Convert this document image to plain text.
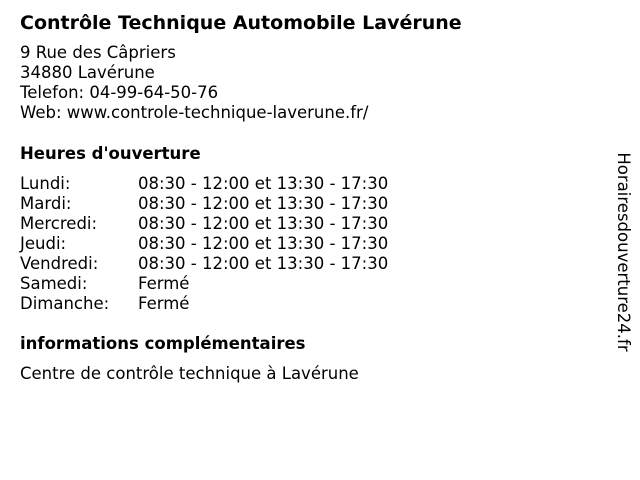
Contrôle Technique Automobile Lavérune
9 Rue des Câpriers
34880 Lavérune
Telefon: 04-99-64-50-76
Web: www.controle-technique-laverune.fr/
Heures d'ouverture
Lundi:	08:30 - 12:00 et 13:30 - 17:30
Mardi:	08:30 - 12:00 et 13:30 - 17:30
Mercredi:	08:30 - 12:00 et 13:30 - 17:30
Jeudi:	08:30 - 12:00 et 13:30 - 17:30
Vendredi:	08:30 - 12:00 et 13:30 - 17:30
Samedi:	Fermé
Dimanche:	Fermé
informations complémentaires
Centre de contrôle technique à Lavérune
Horairesdouverture24.fr
